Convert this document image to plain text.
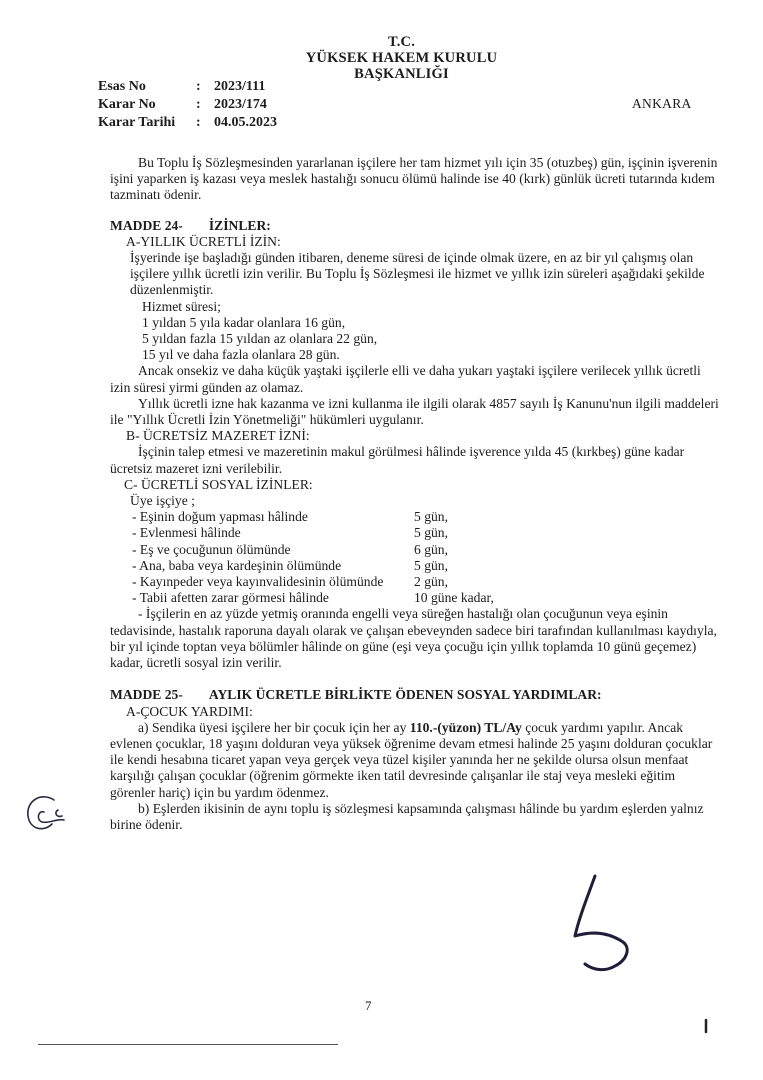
T.C.
YÜKSEK HAKEM KURULU
BAŞKANLIĞI
Esas No	: 2023/111
Karar No	: 2023/174
Karar Tarihi	: 04.05.2023
ANKARA

Bu Toplu İş Sözleşmesinden yararlanan işçilere her tam hizmet yılı için 35 (otuzbeş) gün, işçinin işverenin işini yaparken iş kazası veya meslek hastalığı sonucu ölümü halinde ise 40 (kırk) günlük ücreti tutarında kıdem tazminatı ödenir.

MADDE 24- İZİNLER:
A-YILLIK ÜCRETLİ İZİN:

İşyerinde işe başladığı günden itibaren, deneme süresi de içinde olmak üzere, en az bir yıl çalışmış olan işçilere yıllık ücretli izin verilir. Bu Toplu İş Sözleşmesi ile hizmet ve yıllık izin süreleri aşağıdaki şekilde düzenlenmiştir.

Hizmet süresi;
1 yıldan 5 yıla kadar olanlara 16 gün,
5 yıldan fazla 15 yıldan az olanlara 22 gün,
15 yıl ve daha fazla olanlara 28 gün.

Ancak onsekiz ve daha küçük yaştaki işçilerle elli ve daha yukarı yaştaki işçilere verilecek yıllık ücretli izin süresi yirmi günden az olamaz.

Yıllık ücretli izne hak kazanma ve izni kullanma ile ilgili olarak 4857 sayılı İş Kanunu'nun ilgili maddeleri ile "Yıllık Ücretli İzin Yönetmeliği" hükümleri uygulanır.

B- ÜCRETSİZ MAZERET İZNİ:

İşçinin talep etmesi ve mazeretinin makul görülmesi hâlinde işverence yılda 45 (kırkbeş) güne kadar ücretsiz mazeret izni verilebilir.

C- ÜCRETLİ SOSYAL İZİNLER:
Üye işçiye ;
- Eşinin doğum yapması hâlinde	5 gün,
- Evlenmesi hâlinde	5 gün,
- Eş ve çocuğunun ölümünde	6 gün,
- Ana, baba veya kardeşinin ölümünde	5 gün,
- Kayınpeder veya kayınvalidesinin ölümünde	2 gün,
- Tabii afetten zarar görmesi hâlinde	10 güne kadar,

- İşçilerin en az yüzde yetmiş oranında engelli veya süreğen hastalığı olan çocuğunun veya eşinin tedavisinde, hastalık raporuna dayalı olarak ve çalışan ebeveynden sadece biri tarafından kullanılması kaydıyla, bir yıl içinde toptan veya bölümler hâlinde on güne (eşi veya çocuğu için yıllık toplamda 10 günü geçemez) kadar, ücretli sosyal izin verilir.

MADDE 25- AYLIK ÜCRETLE BİRLİKTE ÖDENEN SOSYAL YARDIMLAR:
A-ÇOCUK YARDIMI:

a) Sendika üyesi işçilere her bir çocuk için her ay 110.-(yüzon) TL/Ay çocuk yardımı yapılır. Ancak evlenen çocuklar, 18 yaşını dolduran veya yüksek öğrenime devam etmesi halinde 25 yaşını dolduran çocuklar ile kendi hesabına ticaret yapan veya gerçek veya tüzel kişiler yanında her ne şekilde olursa olsun menfaat karşılığı çalışan çocuklar (öğrenim görmekte iken tatil devresinde çalışanlar ile staj veya mesleki eğitim görenler hariç) için bu yardım ödenmez.

b) Eşlerden ikisinin de aynı toplu iş sözleşmesi kapsamında çalışması hâlinde bu yardım eşlerden yalnız birine ödenir.

7
